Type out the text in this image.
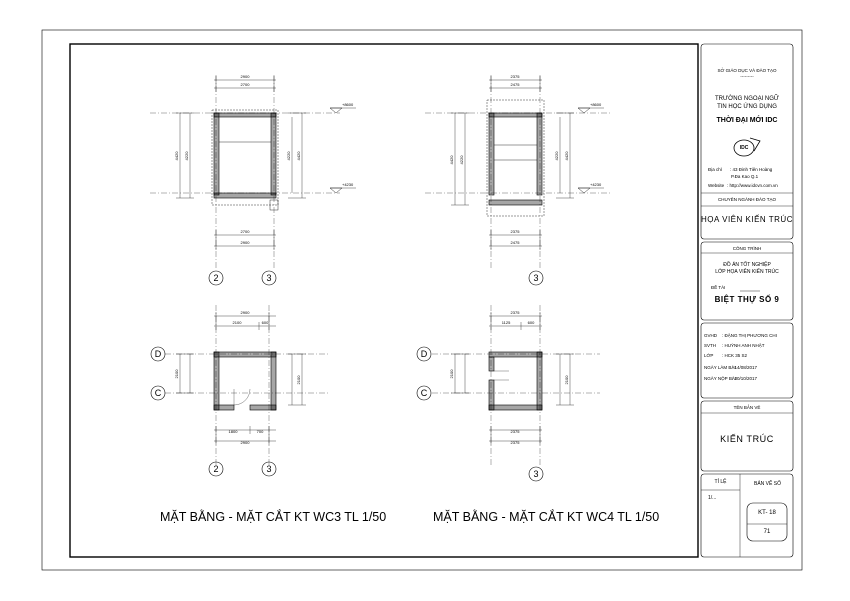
2	3	3
D
C
2	3
D
C
3
+8600
+4230
+8600
+4230
2900
2700
2700
2900
4420 4220	4220 4420
2375
2475
2375
2475
4420 4220	4220 4420
2900
2100	600
1800	700
2900
2100
2100
2375
1125	600
2375
2375
2100
2100
SỞ GIÁO DỤC VÀ ĐÀO TẠO
---------
TRƯỜNG NGOẠI NGỮ
TIN HỌC ỨNG DỤNG
THỜI ĐẠI MỚI IDC
IDC
Địa chỉ : 43 Đinh Tiên Hoàng
P.Đa Kao Q.1
Website : http://www.idcvn.com.vn
CHUYÊN NGÀNH ĐÀO TẠO
HỌA VIÊN KIẾN TRÚC
CÔNG TRÌNH
ĐỒ ÁN TỐT NGHIỆP
LỚP HỌA VIÊN KIẾN TRÚC
ĐỀ TÀI
BIỆT THỰ SỐ 9
GVHD : ĐẶNG THỊ PHƯƠNG CHI
SVTH : HUỲNH ANH NHẬT
LỚP : HCK 35 S2
NGÀY LÀM BÀI
: 14/08/2017
NGÀY NỘP BÀI
: 30/10/2017
TÊN BẢN VẼ
KIẾN TRÚC
TỈ LỆ
1/...
BẢN VẼ SỐ
KT- 18
71
MẶT BẰNG - MẶT CẮT KT WC3 TL 1/50	MẶT BẰNG - MẶT CẮT KT WC4 TL 1/50
